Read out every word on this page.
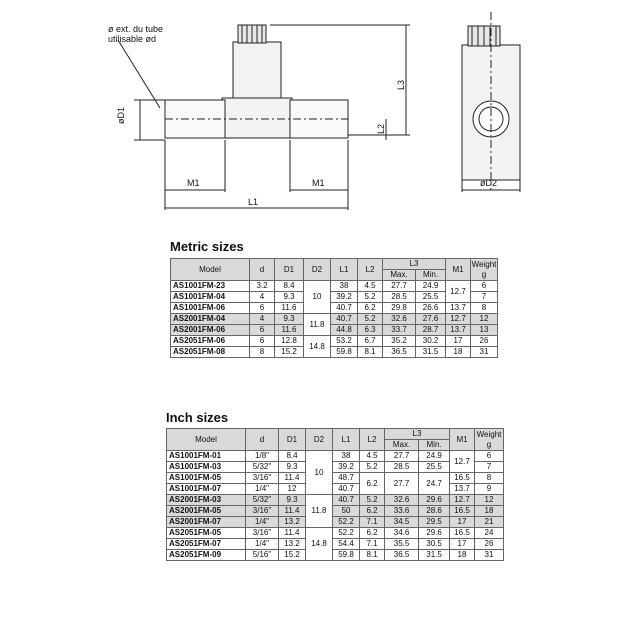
ø ext. du tube
utilisable ød
øD1
M1	M1
L1
L2
L3
øD2
Metric sizes
Model	d	D1	D2	L1	L2	L3		M1	Weight
g
						Max.	Min.		
AS1001FM-23	3.2	8.4	10	38	4.5	27.7	24.9	12.7	6
AS1001FM-04	4	9.3		39.2	5.2	28.5	25.5		7
AS1001FM-06	6	11.6		40.7	6.2	29.8	26.6	13.7	8
AS2001FM-04	4	9.3	11.8	40.7	5.2	32.6	27.6	12.7	12
AS2001FM-06	6	11.6		44.8	6.3	33.7	28.7	13.7	13
AS2051FM-06	6	12.8	14.8	53.2	6.7	35.2	30.2	17	26
AS2051FM-08	8	15.2		59.8	8.1	36.5	31.5	18	31
Inch sizes
Model	d	D1	D2	L1	L2	L3		M1	Weight
g
						Max.	Min.		
AS1001FM-01	1/8"	8.4	10	38	4.5	27.7	24.9	12.7	6
AS1001FM-03	5/32"	9.3		39.2	5.2	28.5	25.5		7
AS1001FM-05	3/16"	11.4		48.7	6.2	27.7	24.7	16.5	8
AS1001FM-07	1/4"	12		40.7				13.7	9
AS2001FM-03	5/32"	9.3	11.8	40.7	5.2	32.6	29.6	12.7	12
AS2001FM-05	3/16"	11.4		50	6.2	33.6	28.6	16.5	18
AS2001FM-07	1/4"	13.2		52.2	7.1	34.5	29.5	17	21
AS2051FM-05	3/16"	11.4	14.8	52.2	6.2	34.6	29.6	16.5	24
AS2051FM-07	1/4"	13.2		54.4	7.1	35.5	30.5	17	26
AS2051FM-09	5/16"	15.2		59.8	8.1	36.5	31.5	18	31
